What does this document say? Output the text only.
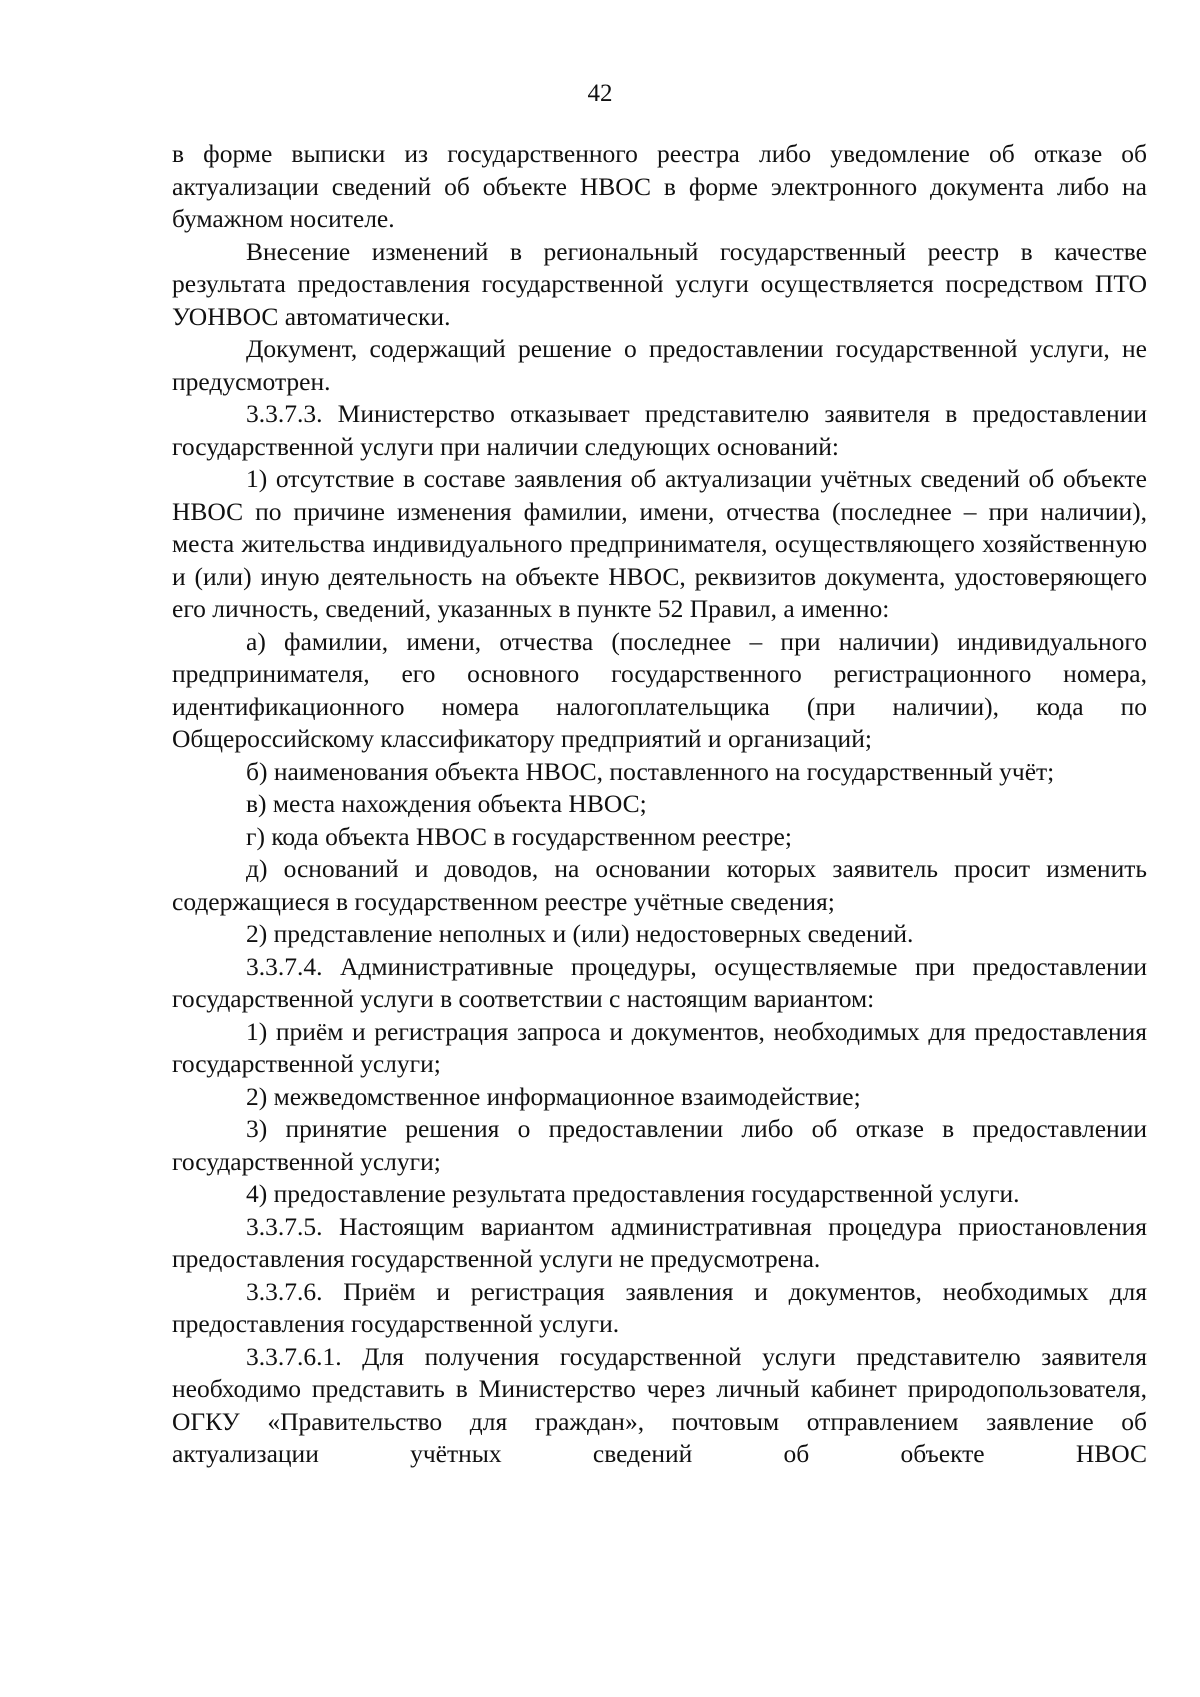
42

в форме выписки из государственного реестра либо уведомление об отказе об актуализации сведений об объекте НВОС в форме электронного документа либо на бумажном носителе.

Внесение изменений в региональный государственный реестр в качестве результата предоставления государственной услуги осуществляется посредством ПТО УОНВОС автоматически.

Документ, содержащий решение о предоставлении государственной услуги, не предусмотрен.

3.3.7.3. Министерство отказывает представителю заявителя в предоставлении государственной услуги при наличии следующих оснований:

1) отсутствие в составе заявления об актуализации учётных сведений об объекте НВОС по причине изменения фамилии, имени, отчества (последнее – при наличии), места жительства индивидуального предпринимателя, осуществляющего хозяйственную и (или) иную деятельность на объекте НВОС, реквизитов документа, удостоверяющего его личность, сведений, указанных в пункте 52 Правил, а именно:

а) фамилии, имени, отчества (последнее – при наличии) индивидуального предпринимателя, его основного государственного регистрационного номера, идентификационного номера налогоплательщика (при наличии), кода по Общероссийскому классификатору предприятий и организаций;

б) наименования объекта НВОС, поставленного на государственный учёт;

в) места нахождения объекта НВОС;

г) кода объекта НВОС в государственном реестре;

д) оснований и доводов, на основании которых заявитель просит изменить содержащиеся в государственном реестре учётные сведения;

2) представление неполных и (или) недостоверных сведений.

3.3.7.4. Административные процедуры, осуществляемые при предоставлении государственной услуги в соответствии с настоящим вариантом:

1) приём и регистрация запроса и документов, необходимых для предоставления государственной услуги;

2) межведомственное информационное взаимодействие;

3) принятие решения о предоставлении либо об отказе в предоставлении государственной услуги;

4) предоставление результата предоставления государственной услуги.

3.3.7.5. Настоящим вариантом административная процедура приостановления предоставления государственной услуги не предусмотрена.

3.3.7.6. Приём и регистрация заявления и документов, необходимых для предоставления государственной услуги.

3.3.7.6.1. Для получения государственной услуги представителю заявителя необходимо представить в Министерство через личный кабинет природопользователя, ОГКУ «Правительство для граждан», почтовым отправлением заявление об актуализации учётных сведений об объекте НВОС
